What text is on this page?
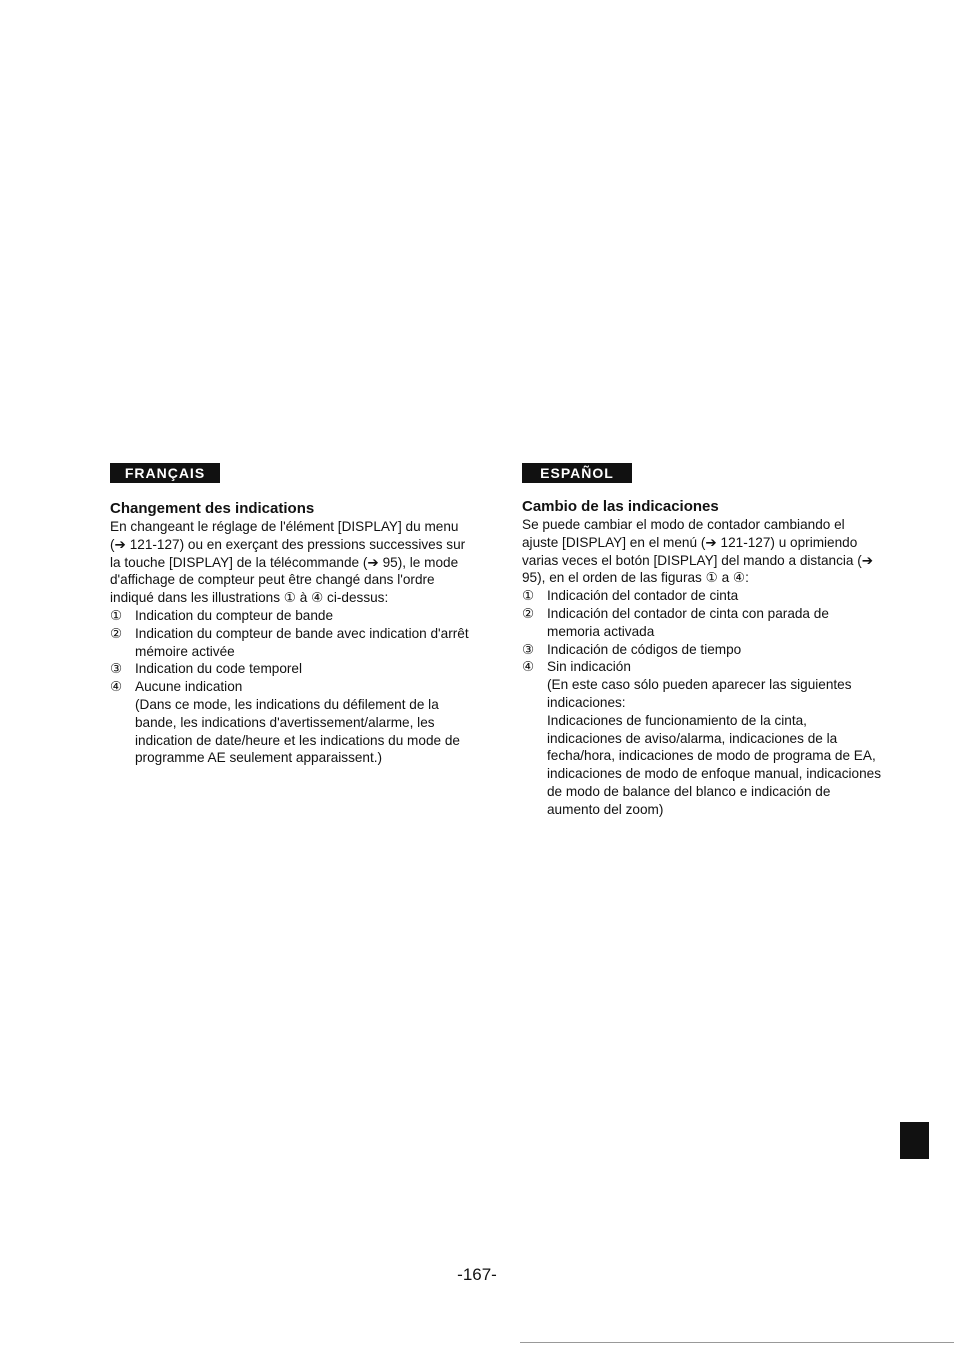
FRANÇAIS
Changement des indications

En changeant le réglage de l'élément [DISPLAY] du menu (➔ 121-127) ou en exerçant des pressions successives sur la touche [DISPLAY] de la télécommande (➔ 95), le mode d'affichage de compteur peut être changé dans l'ordre indiqué dans les illustrations ① à ④ ci-dessus:

① Indication du compteur de bande
② Indication du compteur de bande avec indication d'arrêt mémoire activée
③ Indication du code temporel
④ Aucune indication
(Dans ce mode, les indications du défilement de la bande, les indications d'avertissement/alarme, les indication de date/heure et les indications du mode de programme AE seulement apparaissent.)
ESPAÑOL
Cambio de las indicaciones

Se puede cambiar el modo de contador cambiando el ajuste [DISPLAY] en el menú (➔ 121-127) u oprimiendo varias veces el botón [DISPLAY] del mando a distancia (➔ 95), en el orden de las figuras ① a ④:

① Indicación del contador de cinta
② Indicación del contador de cinta con parada de memoria activada
③ Indicación de códigos de tiempo
④ Sin indicación
(En este caso sólo pueden aparecer las siguientes indicaciones:
Indicaciones de funcionamiento de la cinta, indicaciones de aviso/alarma, indicaciones de la fecha/hora, indicaciones de modo de programa de EA, indicaciones de modo de enfoque manual, indicaciones de modo de balance del blanco e indicación de aumento del zoom)
-167-
